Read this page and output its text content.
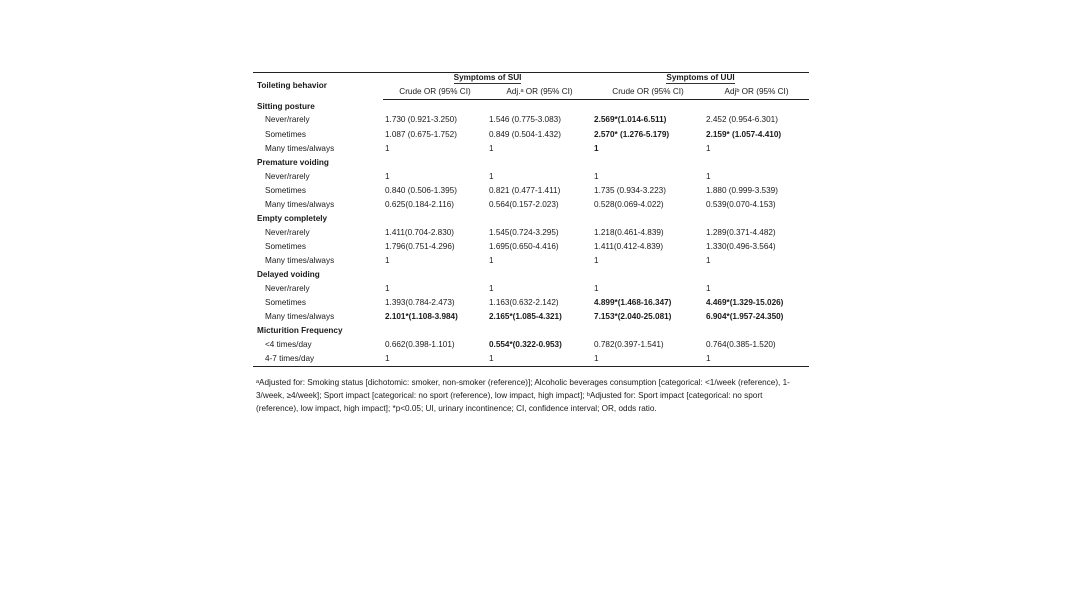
Toileting behavior	Symptoms of SUI		Symptoms of UUI	
	Crude OR (95% CI)	Adj.ᵃ OR (95% CI)	Crude OR (95% CI)	Adjᵇ OR (95% CI)
Sitting posture				
Never/rarely	1.730 (0.921-3.250)	1.546 (0.775-3.083)	2.569*(1.014-6.511)	2.452 (0.954-6.301)
Sometimes	1.087 (0.675-1.752)	0.849 (0.504-1.432)	2.570* (1.276-5.179)	2.159* (1.057-4.410)
Many times/always	1	1	1	1
Premature voiding				
Never/rarely	1	1	1	1
Sometimes	0.840 (0.506-1.395)	0.821 (0.477-1.411)	1.735 (0.934-3.223)	1.880 (0.999-3.539)
Many times/always	0.625(0.184-2.116)	0.564(0.157-2.023)	0.528(0.069-4.022)	0.539(0.070-4.153)
Empty completely				
Never/rarely	1.411(0.704-2.830)	1.545(0.724-3.295)	1.218(0.461-4.839)	1.289(0.371-4.482)
Sometimes	1.796(0.751-4.296)	1.695(0.650-4.416)	1.411(0.412-4.839)	1.330(0.496-3.564)
Many times/always	1	1	1	1
Delayed voiding				
Never/rarely	1	1	1	1
Sometimes	1.393(0.784-2.473)	1.163(0.632-2.142)	4.899*(1.468-16.347)	4.469*(1.329-15.026)
Many times/always	2.101*(1.108-3.984)	2.165*(1.085-4.321)	7.153*(2.040-25.081)	6.904*(1.957-24.350)
Micturition Frequency				
<4 times/day	0.662(0.398-1.101)	0.554*(0.322-0.953)	0.782(0.397-1.541)	0.764(0.385-1.520)
4-7 times/day	1	1	1	1
ᵃAdjusted for: Smoking status [dichotomic: smoker, non-smoker (reference)]; Alcoholic beverages consumption [categorical: <1/week (reference), 1-3/week, ≥4/week]; Sport impact [categorical: no sport (reference), low impact, high impact]; ᵇAdjusted for: Sport impact [categorical: no sport (reference), low impact, high impact]; *p<0.05; UI, urinary incontinence; CI, confidence interval; OR, odds ratio.
